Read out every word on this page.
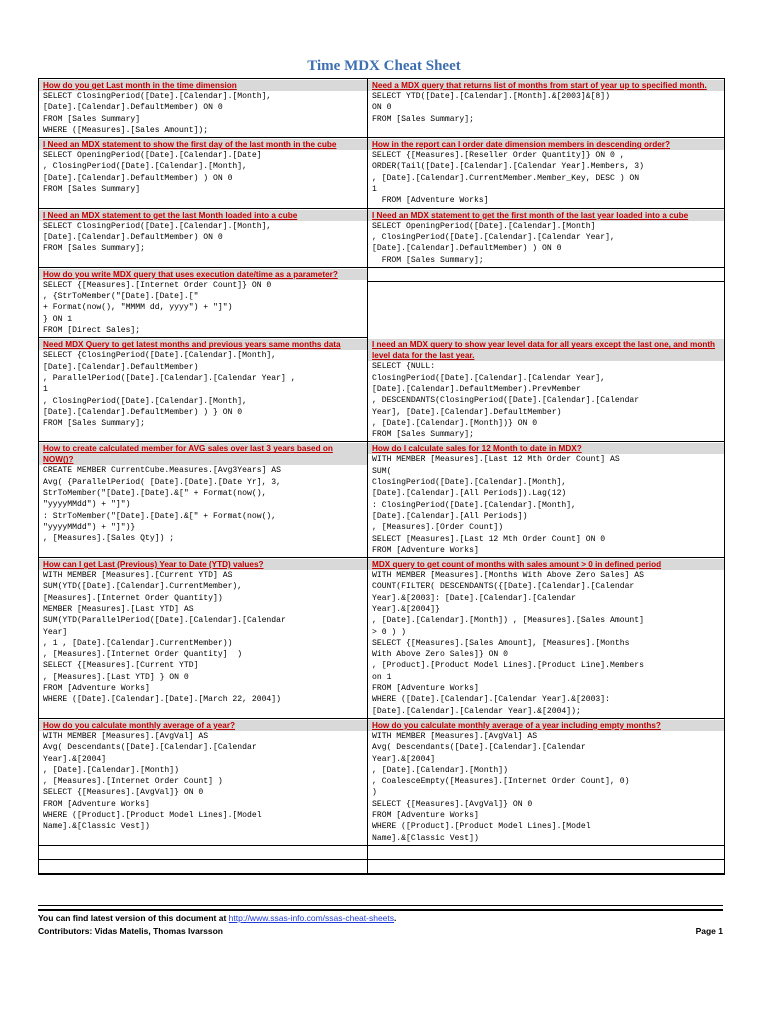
Time MDX Cheat Sheet
How do you get Last month in the time dimension
SELECT ClosingPeriod([Date].[Calendar].[Month],
[Date].[Calendar].DefaultMember) ON 0
FROM [Sales Summary]
WHERE ([Measures].[Sales Amount]);
Need a MDX query that returns list of months from start of year up to specified month.
SELECT YTD([Date].[Calendar].[Month].&[2003]&[8])
ON 0
FROM [Sales Summary];
I Need an MDX statement to show the first day of the last month in the cube
SELECT OpeningPeriod([Date].[Calendar].[Date]
, ClosingPeriod([Date].[Calendar].[Month],
[Date].[Calendar].DefaultMember) ) ON 0
FROM [Sales Summary]
How in the report can I order date dimension members in descending order?
SELECT {[Measures].[Reseller Order Quantity]} ON 0 ,
ORDER(Tail([Date].[Calendar].[Calendar Year].Members, 3)
, [Date].[Calendar].CurrentMember.Member_Key, DESC ) ON
1
FROM [Adventure Works]
I Need an MDX statement to get the last Month loaded into a cube
SELECT ClosingPeriod([Date].[Calendar].[Month],
[Date].[Calendar].DefaultMember) ON 0
FROM [Sales Summary];
I Need an MDX statement to get the first month of the last year loaded into a cube
SELECT OpeningPeriod([Date].[Calendar].[Month]
, ClosingPeriod([Date].[Calendar].[Calendar Year],
[Date].[Calendar].DefaultMember) ) ON 0
FROM [Sales Summary];
How do you write MDX query that uses execution date/time as a parameter?
SELECT {[Measures].[Internet Order Count]} ON 0
, {StrToMember("[Date].[Date].["
+ Format(now(), "MMMM dd, yyyy") + "]")
} ON 1
FROM [Direct Sales];
Need MDX Query to get latest months and previous years same months data
SELECT {ClosingPeriod([Date].[Calendar].[Month],
[Date].[Calendar].DefaultMember)
, ParallelPeriod([Date].[Calendar].[Calendar Year] ,
1
, ClosingPeriod([Date].[Calendar].[Month],
[Date].[Calendar].DefaultMember) ) } ON 0
FROM [Sales Summary];
I need an MDX query to show year level data for all years except the last one, and month level data for the last year.
SELECT {NULL:
ClosingPeriod([Date].[Calendar].[Calendar Year],
[Date].[Calendar].DefaultMember).PrevMember
, DESCENDANTS(ClosingPeriod([Date].[Calendar].[Calendar
Year], [Date].[Calendar].DefaultMember)
, [Date].[Calendar].[Month])} ON 0
FROM [Sales Summary];
How to create calculated member for AVG sales over last 3 years based on NOW()?
CREATE MEMBER CurrentCube.Measures.[Avg3Years] AS
Avg( {ParallelPeriod( [Date].[Date].[Date Yr], 3,
StrToMember("[Date].[Date].&[" + Format(now(),
"yyyyMMdd") + "]")
: StrToMember("[Date].[Date].&[" + Format(now(),
"yyyyMMdd") + "]")}
, [Measures].[Sales Qty]) ;
How do I calculate sales for 12 Month to date in MDX?
WITH MEMBER [Measures].[Last 12 Mth Order Count] AS
SUM(
ClosingPeriod([Date].[Calendar].[Month],
[Date].[Calendar].[All Periods]).Lag(12)
: ClosingPeriod([Date].[Calendar].[Month],
[Date].[Calendar].[All Periods])
, [Measures].[Order Count])
SELECT [Measures].[Last 12 Mth Order Count] ON 0
FROM [Adventure Works]
How can I get Last (Previous) Year to Date (YTD) values?
WITH MEMBER [Measures].[Current YTD] AS
SUM(YTD([Date].[Calendar].CurrentMember),
[Measures].[Internet Order Quantity])
MEMBER [Measures].[Last YTD] AS
SUM(YTD(ParallelPeriod([Date].[Calendar].[Calendar
Year]
, 1 , [Date].[Calendar].CurrentMember))
, [Measures].[Internet Order Quantity]  )
SELECT {[Measures].[Current YTD]
, [Measures].[Last YTD] } ON 0
FROM [Adventure Works]
WHERE ([Date].[Calendar].[Date].[March 22, 2004])
MDX query to get count of months with sales amount > 0 in defined period
WITH MEMBER [Measures].[Months With Above Zero Sales] AS
COUNT(FILTER( DESCENDANTS({[Date].[Calendar].[Calendar
Year].&[2003]: [Date].[Calendar].[Calendar
Year].&[2004]}
, [Date].[Calendar].[Month]) , [Measures].[Sales Amount]
> 0 ) )
SELECT {[Measures].[Sales Amount], [Measures].[Months
With Above Zero Sales]} ON 0
, [Product].[Product Model Lines].[Product Line].Members
on 1
FROM [Adventure Works]
WHERE ([Date].[Calendar].[Calendar Year].&[2003]:
[Date].[Calendar].[Calendar Year].&[2004]);
How do you calculate monthly average of a year?
WITH MEMBER [Measures].[AvgVal] AS
Avg( Descendants([Date].[Calendar].[Calendar
Year].&[2004]
, [Date].[Calendar].[Month])
, [Measures].[Internet Order Count] )
SELECT {[Measures].[AvgVal]} ON 0
FROM [Adventure Works]
WHERE ([Product].[Product Model Lines].[Model
Name].&[Classic Vest])
How do you calculate monthly average of a year including empty months?
WITH MEMBER [Measures].[AvgVal] AS
Avg( Descendants([Date].[Calendar].[Calendar
Year].&[2004]
, [Date].[Calendar].[Month])
, CoalesceEmpty([Measures].[Internet Order Count], 0)
)
SELECT {[Measures].[AvgVal]} ON 0
FROM [Adventure Works]
WHERE ([Product].[Product Model Lines].[Model
Name].&[Classic Vest])
You can find latest version of this document at http://www.ssas-info.com/ssas-cheat-sheets.
Contributors: Vidas Matelis, Thomas Ivarsson	Page 1
